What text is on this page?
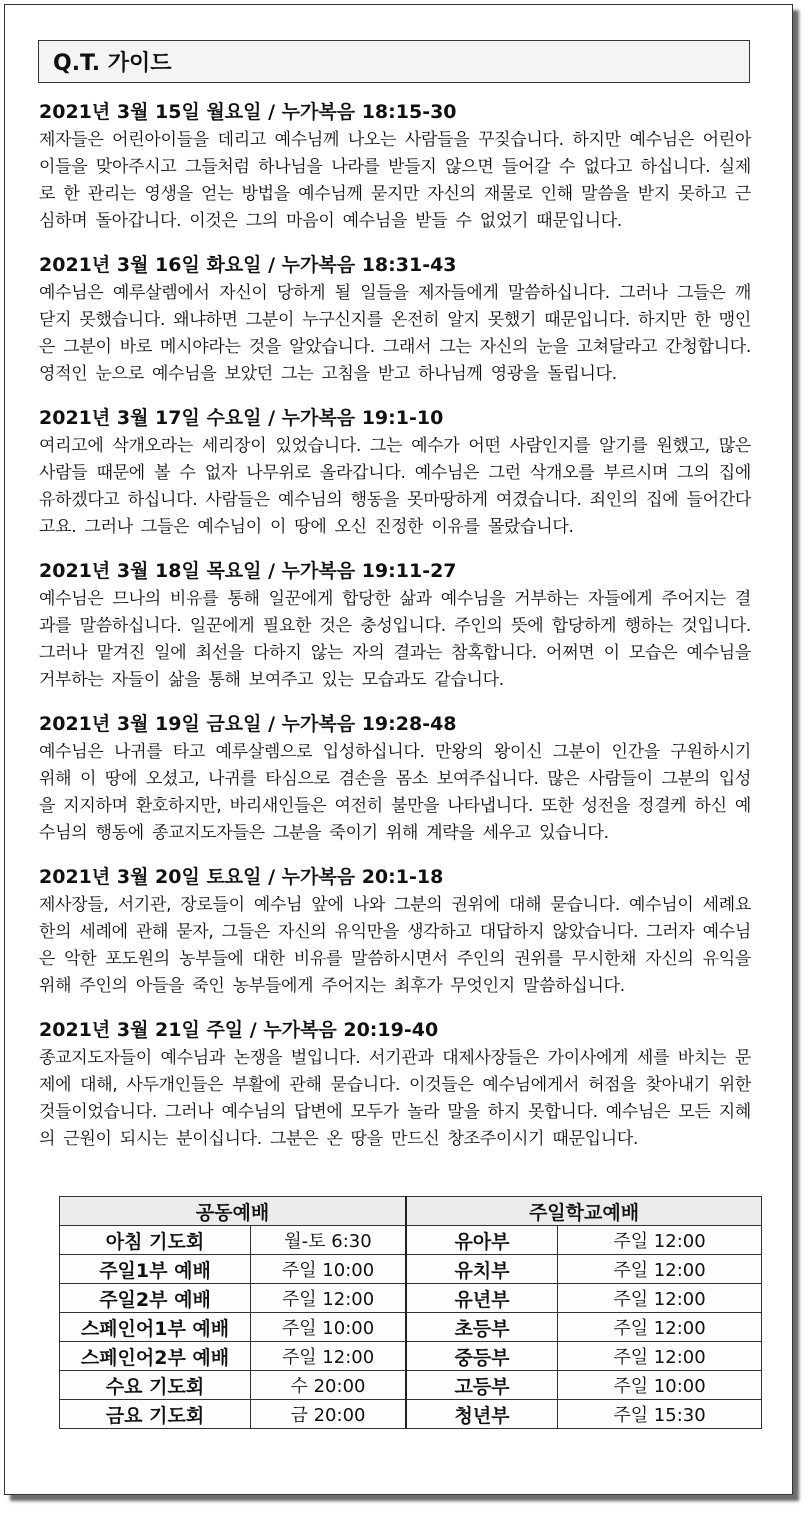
Q.T. 가이드
2021년 3월 15일 월요일 / 누가복음 18:15-30
제자들은 어린아이들을 데리고 예수님께 나오는 사람들을 꾸짖습니다. 하지만 예수님은 어린아이들을 맞아주시고 그들처럼 하나님을 나라를 받들지 않으면 들어갈 수 없다고 하십니다. 실제로 한 관리는 영생을 얻는 방법을 예수님께 묻지만 자신의 재물로 인해 말씀을 받지 못하고 근심하며 돌아갑니다. 이것은 그의 마음이 예수님을 받들 수 없었기 때문입니다.
2021년 3월 16일 화요일 / 누가복음 18:31-43
예수님은 예루살렘에서 자신이 당하게 될 일들을 제자들에게 말씀하십니다. 그러나 그들은 깨닫지 못했습니다. 왜냐하면 그분이 누구신지를 온전히 알지 못했기 때문입니다. 하지만 한 맹인은 그분이 바로 메시야라는 것을 알았습니다. 그래서 그는 자신의 눈을 고쳐달라고 간청합니다. 영적인 눈으로 예수님을 보았던 그는 고침을 받고 하나님께 영광을 돌립니다.
2021년 3월 17일 수요일 / 누가복음 19:1-10
여리고에 삭개오라는 세리장이 있었습니다. 그는 예수가 어떤 사람인지를 알기를 원했고, 많은 사람들 때문에 볼 수 없자 나무위로 올라갑니다. 예수님은 그런 삭개오를 부르시며 그의 집에 유하겠다고 하십니다. 사람들은 예수님의 행동을 못마땅하게 여겼습니다. 죄인의 집에 들어간다고요. 그러나 그들은 예수님이 이 땅에 오신 진정한 이유를 몰랐습니다.
2021년 3월 18일 목요일 / 누가복음 19:11-27
예수님은 므나의 비유를 통해 일꾼에게 합당한 삶과 예수님을 거부하는 자들에게 주어지는 결과를 말씀하십니다. 일꾼에게 필요한 것은 충성입니다. 주인의 뜻에 합당하게 행하는 것입니다. 그러나 맡겨진 일에 최선을 다하지 않는 자의 결과는 참혹합니다. 어쩌면 이 모습은 예수님을 거부하는 자들이 삶을 통해 보여주고 있는 모습과도 같습니다.
2021년 3월 19일 금요일 / 누가복음 19:28-48
예수님은 나귀를 타고 예루살렘으로 입성하십니다. 만왕의 왕이신 그분이 인간을 구원하시기 위해 이 땅에 오셨고, 나귀를 타심으로 겸손을 몸소 보여주십니다. 많은 사람들이 그분의 입성을 지지하며 환호하지만, 바리새인들은 여전히 불만을 나타냅니다. 또한 성전을 정결케 하신 예수님의 행동에 종교지도자들은 그분을 죽이기 위해 계략을 세우고 있습니다.
2021년 3월 20일 토요일 / 누가복음 20:1-18
제사장들, 서기관, 장로들이 예수님 앞에 나와 그분의 권위에 대해 묻습니다. 예수님이 세례요한의 세례에 관해 묻자, 그들은 자신의 유익만을 생각하고 대답하지 않았습니다. 그러자 예수님은 악한 포도원의 농부들에 대한 비유를 말씀하시면서 주인의 권위를 무시한채 자신의 유익을 위해 주인의 아들을 죽인 농부들에게 주어지는 최후가 무엇인지 말씀하십니다.
2021년 3월 21일 주일 / 누가복음 20:19-40
종교지도자들이 예수님과 논쟁을 벌입니다. 서기관과 대제사장들은 가이사에게 세를 바치는 문제에 대해, 사두개인들은 부활에 관해 묻습니다. 이것들은 예수님에게서 허점을 찾아내기 위한 것들이었습니다. 그러나 예수님의 답변에 모두가 놀라 말을 하지 못합니다. 예수님은 모든 지혜의 근원이 되시는 분이십니다. 그분은 온 땅을 만드신 창조주이시기 때문입니다.
공동예배		주일학교예배	
아침 기도회	월-토 6:30	유아부	주일 12:00
주일1부 예배	주일 10:00	유치부	주일 12:00
주일2부 예배	주일 12:00	유년부	주일 12:00
스페인어1부 예배	주일 10:00	초등부	주일 12:00
스페인어2부 예배	주일 12:00	중등부	주일 12:00
수요 기도회	수 20:00	고등부	주일 10:00
금요 기도회	금 20:00	청년부	주일 15:30
